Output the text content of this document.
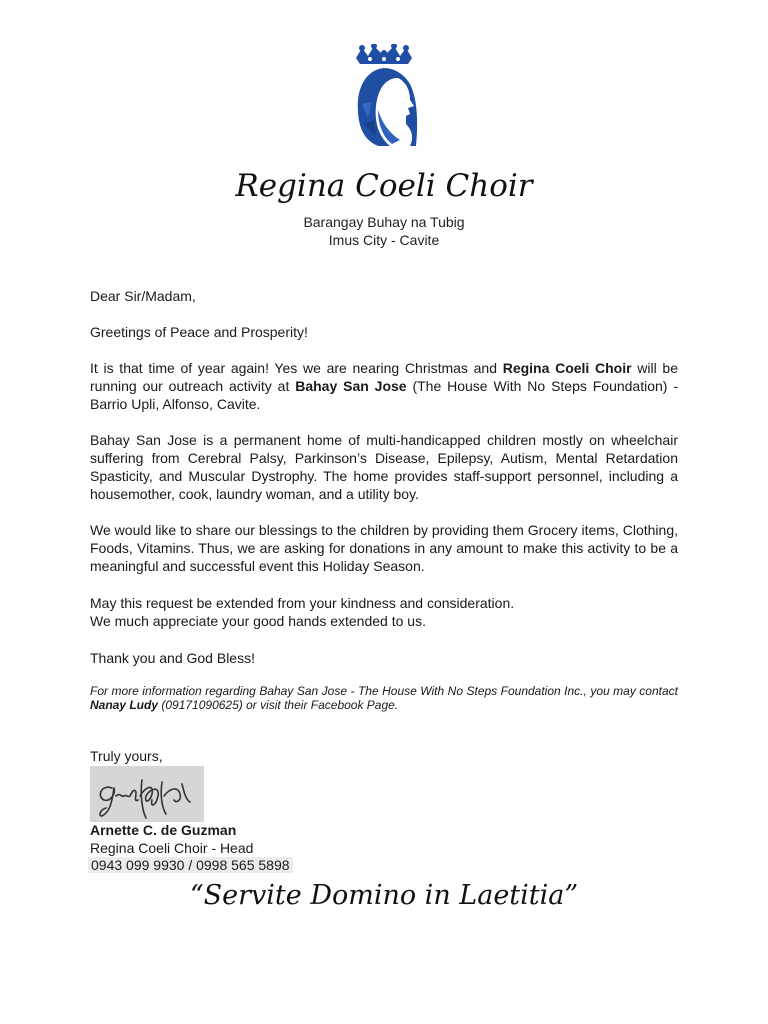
Regina Coeli Choir
Barangay Buhay na Tubig
Imus City - Cavite
Dear Sir/Madam,
Greetings of Peace and Prosperity!
It is that time of year again! Yes we are nearing Christmas and Regina Coeli Choir will be running our outreach activity at Bahay San Jose (The House With No Steps Foundation) - Barrio Upli, Alfonso, Cavite.
Bahay San Jose is a permanent home of multi-handicapped children mostly on wheelchair suffering from Cerebral Palsy, Parkinson’s Disease, Epilepsy, Autism, Mental Retardation Spasticity, and Muscular Dystrophy. The home provides staff-support personnel, including a housemother, cook, laundry woman, and a utility boy.
We would like to share our blessings to the children by providing them Grocery items, Clothing, Foods, Vitamins. Thus, we are asking for donations in any amount to make this activity to be a meaningful and successful event this Holiday Season.
May this request be extended from your kindness and consideration.
We much appreciate your good hands extended to us.
Thank you and God Bless!
For more information regarding Bahay San Jose - The House With No Steps Foundation Inc., you may contact Nanay Ludy (09171090625) or visit their Facebook Page.
Truly yours,
Arnette C. de Guzman
Regina Coeli Choir - Head
0943 099 9930 / 0998 565 5898
“Servite Domino in Laetitia”
